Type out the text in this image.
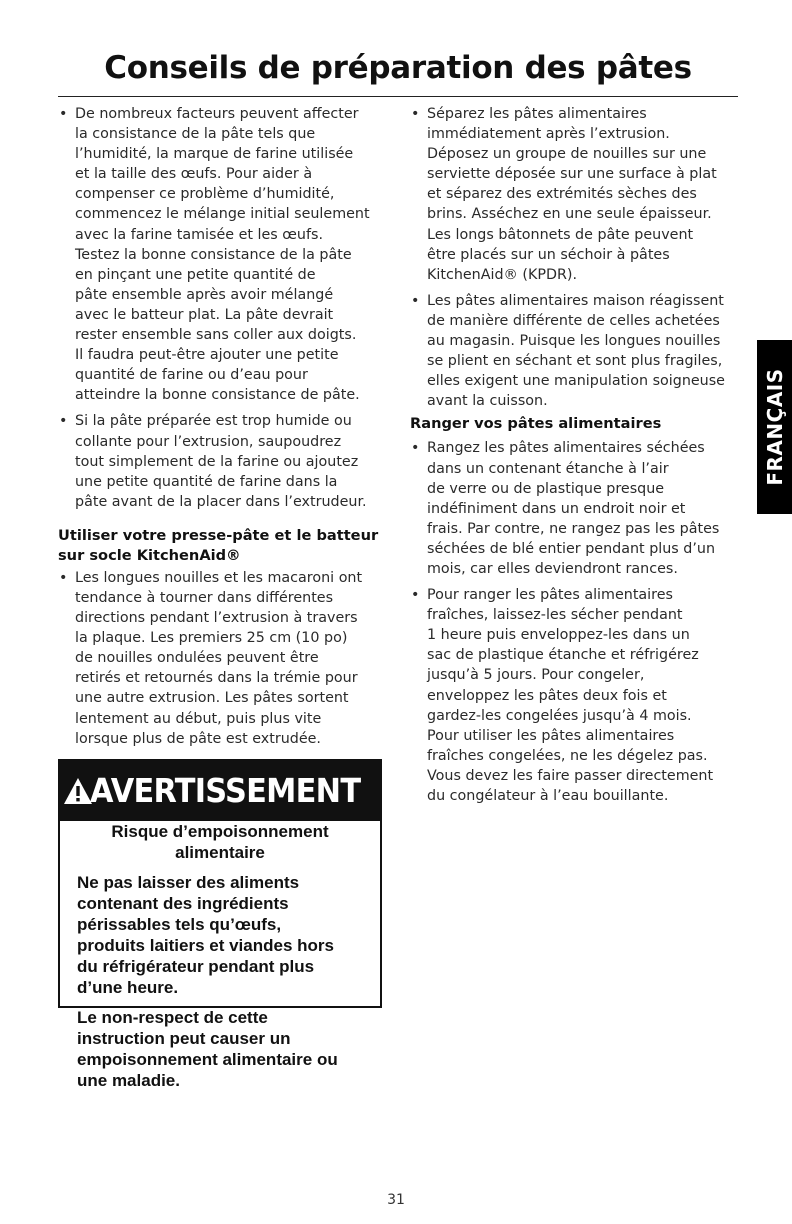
Conseils de préparation des pâtes
• De nombreux facteurs peuvent affecter
la consistance de la pâte tels que
l’humidité, la marque de farine utilisée
et la taille des œufs. Pour aider à
compenser ce problème d’humidité,
commencez le mélange initial seulement
avec la farine tamisée et les œufs.
Testez la bonne consistance de la pâte
en pinçant une petite quantité de
pâte ensemble après avoir mélangé
avec le batteur plat. La pâte devrait
rester ensemble sans coller aux doigts.
Il faudra peut-être ajouter une petite
quantité de farine ou d’eau pour
atteindre la bonne consistance de pâte.
• Si la pâte préparée est trop humide ou
collante pour l’extrusion, saupoudrez
tout simplement de la farine ou ajoutez
une petite quantité de farine dans la
pâte avant de la placer dans l’extrudeur.
Utiliser votre presse-pâte et le batteur
sur socle KitchenAid®
• Les longues nouilles et les macaroni ont
tendance à tourner dans différentes
directions pendant l’extrusion à travers
la plaque. Les premiers 25 cm (10 po)
de nouilles ondulées peuvent être
retirés et retournés dans la trémie pour
une autre extrusion. Les pâtes sortent
lentement au début, puis plus vite
lorsque plus de pâte est extrudée.
AVERTISSEMENT
Risque d’empoisonnement
alimentaire
Ne pas laisser des aliments
contenant des ingrédients
périssables tels qu’œufs,
produits laitiers et viandes hors
du réfrigérateur pendant plus
d’une heure.
Le non-respect de cette
instruction peut causer un
empoisonnement alimentaire ou
une maladie.
• Séparez les pâtes alimentaires
immédiatement après l’extrusion.
Déposez un groupe de nouilles sur une
serviette déposée sur une surface à plat
et séparez des extrémités sèches des
brins. Asséchez en une seule épaisseur.
Les longs bâtonnets de pâte peuvent
être placés sur un séchoir à pâtes
KitchenAid® (KPDR).
• Les pâtes alimentaires maison réagissent
de manière différente de celles achetées
au magasin. Puisque les longues nouilles
se plient en séchant et sont plus fragiles,
elles exigent une manipulation soigneuse
avant la cuisson.
Ranger vos pâtes alimentaires
• Rangez les pâtes alimentaires séchées
dans un contenant étanche à l’air
de verre ou de plastique presque
indéfiniment dans un endroit noir et
frais. Par contre, ne rangez pas les pâtes
séchées de blé entier pendant plus d’un
mois, car elles deviendront rances.
• Pour ranger les pâtes alimentaires
fraîches, laissez-les sécher pendant
1 heure puis enveloppez-les dans un
sac de plastique étanche et réfrigérez
jusqu’à 5 jours. Pour congeler,
enveloppez les pâtes deux fois et
gardez-les congelées jusqu’à 4 mois.
Pour utiliser les pâtes alimentaires
fraîches congelées, ne les dégelez pas.
Vous devez les faire passer directement
du congélateur à l’eau bouillante.
FRANÇAIS
31
